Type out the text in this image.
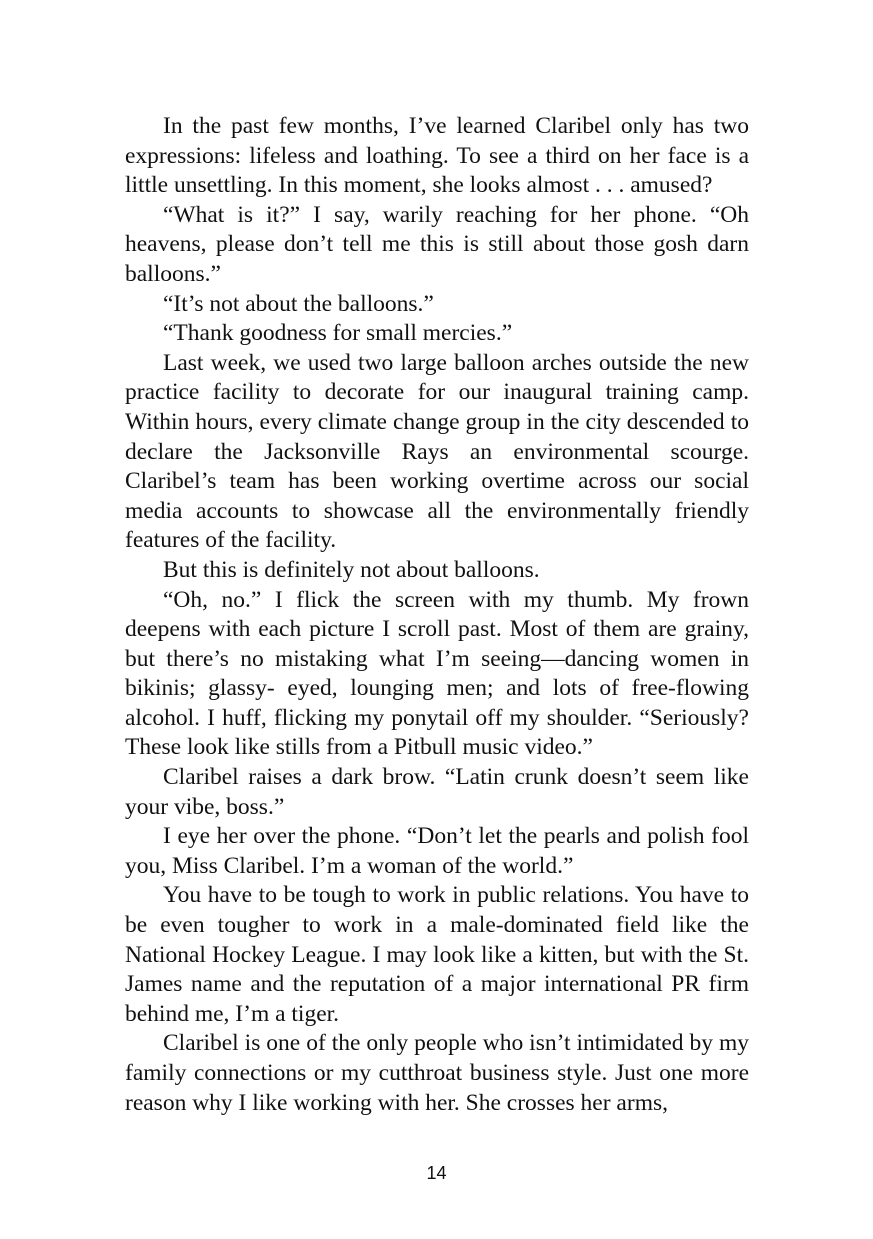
In the past few months, I’ve learned Claribel only has two expressions: lifeless and loathing. To see a third on her face is a little unsettling. In this moment, she looks almost . . . amused?

“What is it?” I say, warily reaching for her phone. “Oh heavens, please don’t tell me this is still about those gosh darn balloons.”

“It’s not about the balloons.”

“Thank goodness for small mercies.”

Last week, we used two large balloon arches outside the new practice facility to decorate for our inaugural training camp. Within hours, every climate change group in the city descended to declare the Jacksonville Rays an environmental scourge. Claribel’s team has been working overtime across our social media accounts to showcase all the environmentally friendly features of the facility.

But this is definitely not about balloons.

“Oh, no.” I flick the screen with my thumb. My frown deepens with each picture I scroll past. Most of them are grainy, but there’s no mistaking what I’m seeing—dancing women in bikinis; glassy- eyed, lounging men; and lots of free-flowing alcohol. I huff, flicking my ponytail off my shoulder. “Seriously? These look like stills from a Pitbull music video.”

Claribel raises a dark brow. “Latin crunk doesn’t seem like your vibe, boss.”

I eye her over the phone. “Don’t let the pearls and polish fool you, Miss Claribel. I’m a woman of the world.”

You have to be tough to work in public relations. You have to be even tougher to work in a male-dominated field like the National Hockey League. I may look like a kitten, but with the St. James name and the reputation of a major international PR firm behind me, I’m a tiger.

Claribel is one of the only people who isn’t intimidated by my family connections or my cutthroat business style. Just one more reason why I like working with her. She crosses her arms,

14
